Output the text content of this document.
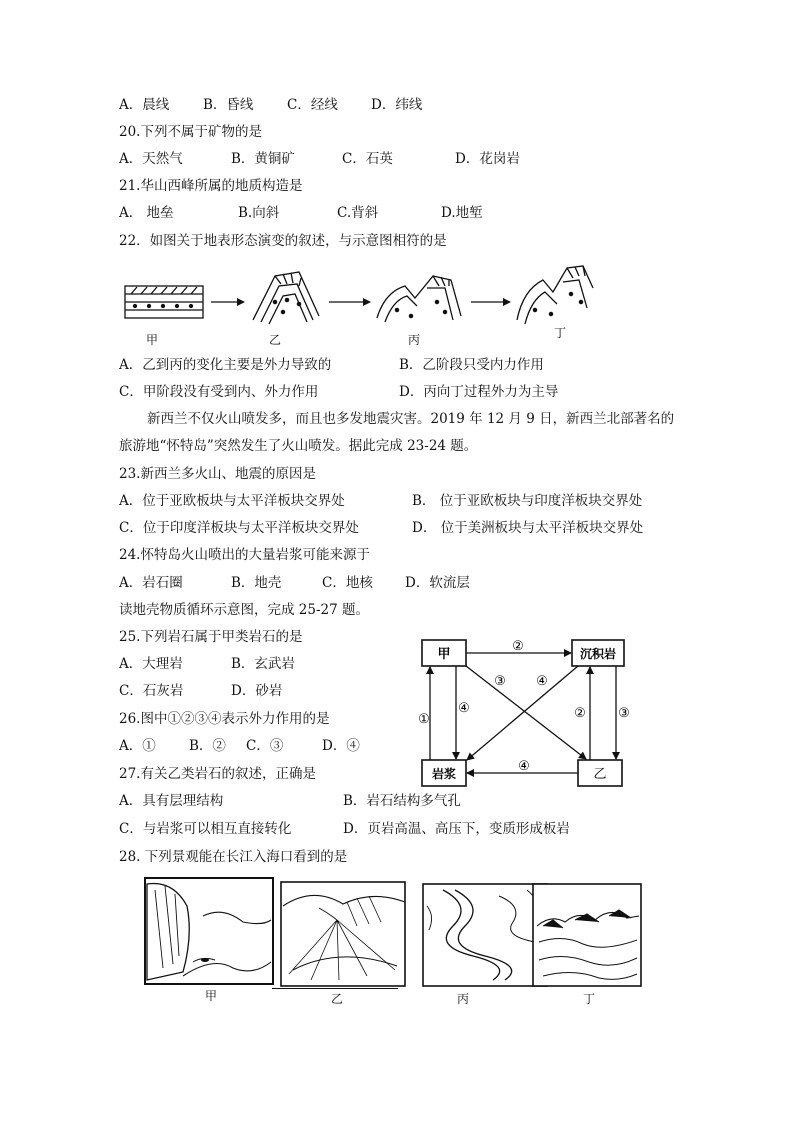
A．晨线	B．昏线 C．经线 D．纬线
20.下列不属于矿物的是
A．天然气	B．黄铜矿	C．石英	D．花岗岩
21.华山西峰所属的地质构造是
A． 地垒	B.向斜	C.背斜	D.地堑
22．如图关于地表形态演变的叙述，与示意图相符的是
甲	乙	丙	丁
A．乙到丙的变化主要是外力导致的	B．乙阶段只受内力作用
C．甲阶段没有受到内、外力作用	D．丙向丁过程外力为主导
新西兰不仅火山喷发多，而且也多发地震灾害。2019 年 12 月 9 日，新西兰北部著名的
旅游地“怀特岛”突然发生了火山喷发。据此完成 23-24 题。
23.新西兰多火山、地震的原因是
A．位于亚欧板块与太平洋板块交界处	B． 位于亚欧板块与印度洋板块交界处
C．位于印度洋板块与太平洋板块交界处	D． 位于美洲板块与太平洋板块交界处
24.怀特岛火山喷出的大量岩浆可能来源于
A．岩石圈	B．地壳	C．地核 D．软流层
读地壳物质循环示意图，完成 25-27 题。
25.下列岩石属于甲类岩石的是
A．大理岩	B．玄武岩
C．石灰岩	D．砂岩
26.图中①②③④表示外力作用的是
A．① B．② C．③	D．④
27.有关乙类岩石的叙述，正确是
A．具有层理结构	B．岩石结构多气孔
C．与岩浆可以相互直接转化	D．页岩高温、高压下，变质形成板岩
甲	沉积岩
岩浆	乙
②
①
④
③ ④
② ③
④
28. 下列景观能在长江入海口看到的是
甲	乙	丙	丁
